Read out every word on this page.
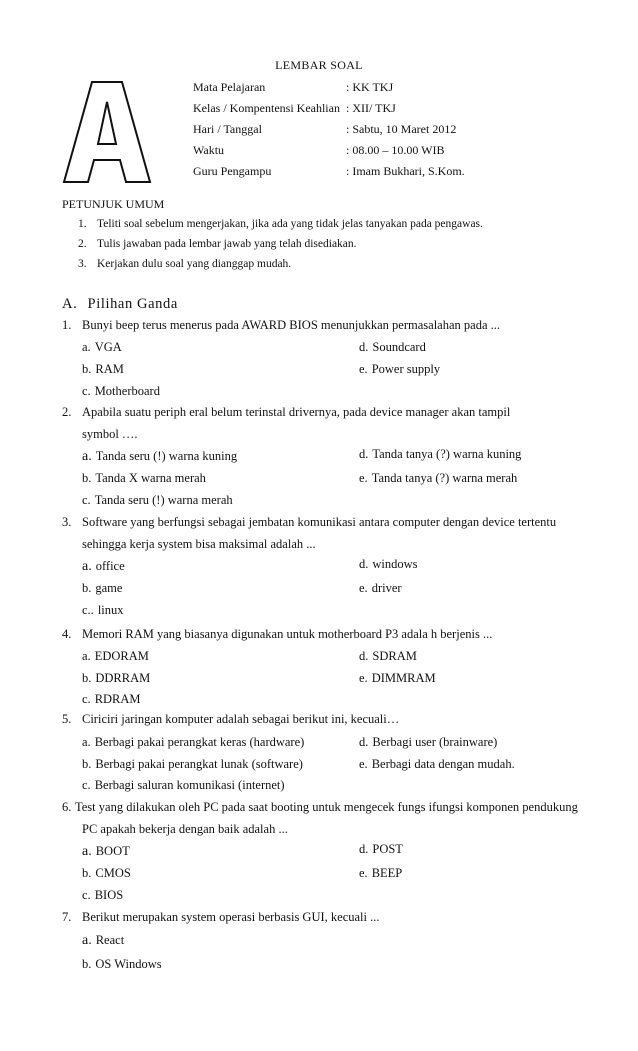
LEMBAR SOAL
Mata Pelajaran	: KK TKJ
Kelas / Kompentensi Keahlian : XII/ TKJ
Hari / Tanggal	: Sabtu, 10 Maret 2012
Waktu	: 08.00 – 10.00 WIB
Guru Pengampu	: Imam Bukhari, S.Kom.
PETUNJUK UMUM
1. Teliti soal sebelum mengerjakan, jika ada yang tidak jelas tanyakan pada pengawas.
2. Tulis jawaban pada lembar jawab yang telah disediakan.
3. Kerjakan dulu soal yang dianggap mudah.
A. Pilihan Ganda
1. Bunyi beep terus menerus pada AWARD BIOS menunjukkan permasalahan pada ...
a. VGA	d. Soundcard
b. RAM	e. Power supply
c. Motherboard
2. Apabila suatu periph eral belum terinstal drivernya, pada device manager akan tampil
symbol ….
a. Tanda seru (!) warna kuning	d. Tanda tanya (?) warna kuning
b. Tanda X warna merah	e. Tanda tanya (?) warna merah
c. Tanda seru (!) warna merah
3. Software yang berfungsi sebagai jembatan komunikasi antara computer dengan device tertentu
sehingga kerja system bisa maksimal adalah ...
a. office	d. windows
b. game	e. driver
c.. linux
4. Memori RAM yang biasanya digunakan untuk motherboard P3 adala h berjenis ...
a. EDORAM	d. SDRAM
b. DDRRAM	e. DIMMRAM
c. RDRAM
5. Ciriciri jaringan komputer adalah sebagai berikut ini, kecuali…
a. Berbagi pakai perangkat keras (hardware)	d. Berbagi user (brainware)
b. Berbagi pakai perangkat lunak (software)	e. Berbagi data dengan mudah.
c. Berbagi saluran komunikasi (internet)
6. Test yang dilakukan oleh PC pada saat booting untuk mengecek fungs ifungsi komponen pendukung
PC apakah bekerja dengan baik adalah ...
a. BOOT	d. POST
b. CMOS	e. BEEP
c. BIOS
7. Berikut merupakan system operasi berbasis GUI, kecuali ...
a. React
b. OS Windows
